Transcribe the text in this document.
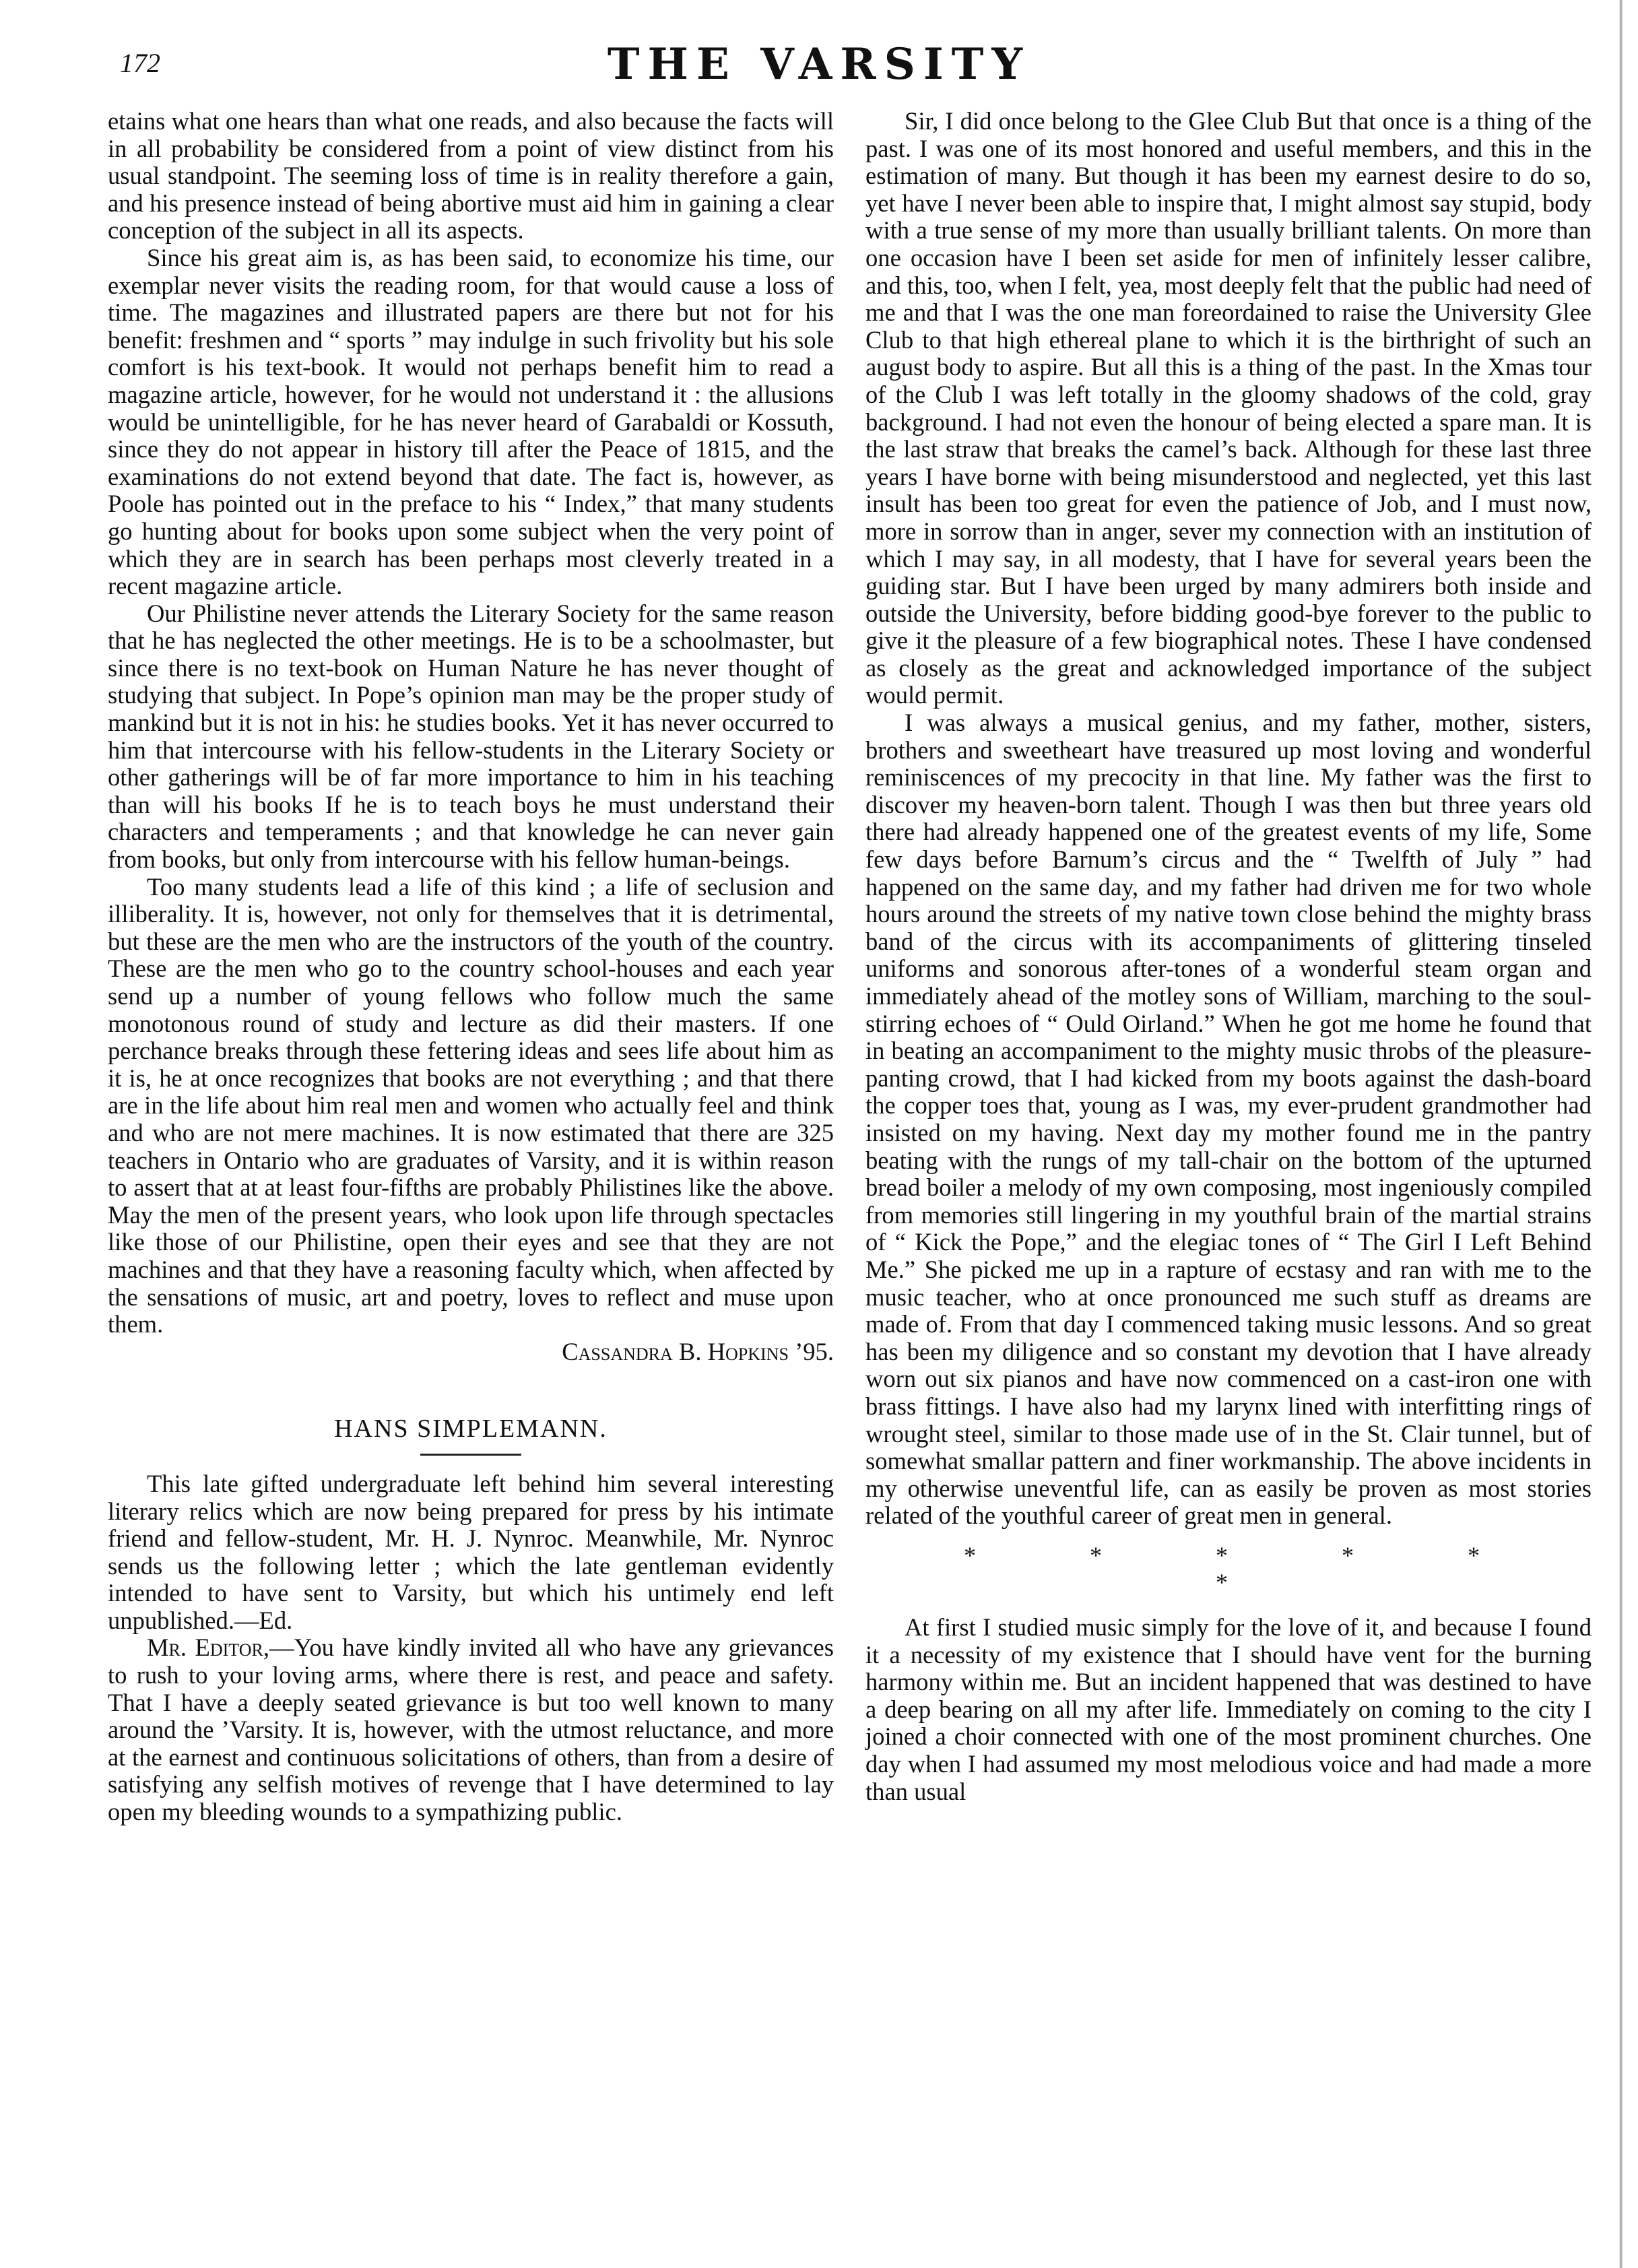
172	THE VARSITY

etains what one hears than what one reads, and also because the facts will in all probability be considered from a point of view distinct from his usual standpoint. The seeming loss of time is in reality therefore a gain, and his presence instead of being abortive must aid him in gaining a clear conception of the subject in all its aspects.

Since his great aim is, as has been said, to economize his time, our exemplar never visits the reading room, for that would cause a loss of time. The magazines and illustrated papers are there but not for his benefit: freshmen and “ sports ” may indulge in such frivolity but his sole comfort is his text-book. It would not perhaps benefit him to read a magazine article, however, for he would not understand it : the allusions would be unintelligible, for he has never heard of Garabaldi or Kossuth, since they do not appear in history till after the Peace of 1815, and the examinations do not extend beyond that date. The fact is, however, as Poole has pointed out in the preface to his “ Index,” that many students go hunting about for books upon some subject when the very point of which they are in search has been perhaps most cleverly treated in a recent magazine article.

Our Philistine never attends the Literary Society for the same reason that he has neglected the other meetings. He is to be a schoolmaster, but since there is no text-book on Human Nature he has never thought of studying that subject. In Pope’s opinion man may be the proper study of mankind but it is not in his: he studies books. Yet it has never occurred to him that intercourse with his fellow-students in the Literary Society or other gatherings will be of far more importance to him in his teaching than will his books If he is to teach boys he must understand their characters and temperaments ; and that knowledge he can never gain from books, but only from intercourse with his fellow human-beings.

Too many students lead a life of this kind ; a life of seclusion and illiberality. It is, however, not only for themselves that it is detrimental, but these are the men who are the instructors of the youth of the country. These are the men who go to the country school-houses and each year send up a number of young fellows who follow much the same monotonous round of study and lecture as did their masters. If one perchance breaks through these fettering ideas and sees life about him as it is, he at once recognizes that books are not everything ; and that there are in the life about him real men and women who actually feel and think and who are not mere machines. It is now estimated that there are 325 teachers in Ontario who are graduates of Varsity, and it is within reason to assert that at at least four-fifths are probably Philistines like the above. May the men of the present years, who look upon life through spectacles like those of our Philistine, open their eyes and see that they are not machines and that they have a reasoning faculty which, when affected by the sensations of music, art and poetry, loves to reflect and muse upon them.

Cassandra B. Hopkins ’95.

HANS SIMPLEMANN.

This late gifted undergraduate left behind him several interesting literary relics which are now being prepared for press by his intimate friend and fellow-student, Mr. H. J. Nynroc. Meanwhile, Mr. Nynroc sends us the following letter ; which the late gentleman evidently intended to have sent to Varsity, but which his untimely end left unpublished.—Ed.

Mr. Editor,—You have kindly invited all who have any grievances to rush to your loving arms, where there is rest, and peace and safety. That I have a deeply seated grievance is but too well known to many around the ’Varsity. It is, however, with the utmost reluctance, and more at the earnest and continuous solicitations of others, than from a desire of satisfying any selfish motives of revenge that I have determined to lay open my bleeding wounds to a sympathizing public.

Sir, I did once belong to the Glee Club But that once is a thing of the past. I was one of its most honored and useful members, and this in the estimation of many. But though it has been my earnest desire to do so, yet have I never been able to inspire that, I might almost say stupid, body with a true sense of my more than usually brilliant talents. On more than one occasion have I been set aside for men of infinitely lesser calibre, and this, too, when I felt, yea, most deeply felt that the public had need of me and that I was the one man foreordained to raise the University Glee Club to that high ethereal plane to which it is the birthright of such an august body to aspire. But all this is a thing of the past. In the Xmas tour of the Club I was left totally in the gloomy shadows of the cold, gray background. I had not even the honour of being elected a spare man. It is the last straw that breaks the camel’s back. Although for these last three years I have borne with being misunderstood and neglected, yet this last insult has been too great for even the patience of Job, and I must now, more in sorrow than in anger, sever my connection with an institution of which I may say, in all modesty, that I have for several years been the guiding star. But I have been urged by many admirers both inside and outside the University, before bidding good-bye forever to the public to give it the pleasure of a few biographical notes. These I have condensed as closely as the great and acknowledged importance of the subject would permit.

I was always a musical genius, and my father, mother, sisters, brothers and sweetheart have treasured up most loving and wonderful reminiscences of my precocity in that line. My father was the first to discover my heaven-born talent. Though I was then but three years old there had already happened one of the greatest events of my life, Some few days before Barnum’s circus and the “ Twelfth of July ” had happened on the same day, and my father had driven me for two whole hours around the streets of my native town close behind the mighty brass band of the circus with its accompaniments of glittering tinseled uniforms and sonorous after-tones of a wonderful steam organ and immediately ahead of the motley sons of William, marching to the soul-stirring echoes of “ Ould Oirland.” When he got me home he found that in beating an accompaniment to the mighty music throbs of the pleasure-panting crowd, that I had kicked from my boots against the dash-board the copper toes that, young as I was, my ever-prudent grandmother had insisted on my having. Next day my mother found me in the pantry beating with the rungs of my tall-chair on the bottom of the upturned bread boiler a melody of my own composing, most ingeniously compiled from memories still lingering in my youthful brain of the martial strains of “ Kick the Pope,” and the elegiac tones of “ The Girl I Left Behind Me.” She picked me up in a rapture of ecstasy and ran with me to the music teacher, who at once pronounced me such stuff as dreams are made of. From that day I commenced taking music lessons. And so great has been my diligence and so constant my devotion that I have already worn out six pianos and have now commenced on a cast-iron one with brass fittings. I have also had my larynx lined with interfitting rings of wrought steel, similar to those made use of in the St. Clair tunnel, but of somewhat smallar pattern and finer workmanship. The above incidents in my otherwise uneventful life, can as easily be proven as most stories related of the youthful career of great men in general.

* * * * * *

At first I studied music simply for the love of it, and because I found it a necessity of my existence that I should have vent for the burning harmony within me. But an incident happened that was destined to have a deep bearing on all my after life. Immediately on coming to the city I joined a choir connected with one of the most prominent churches. One day when I had assumed my most melodious voice and had made a more than usual
